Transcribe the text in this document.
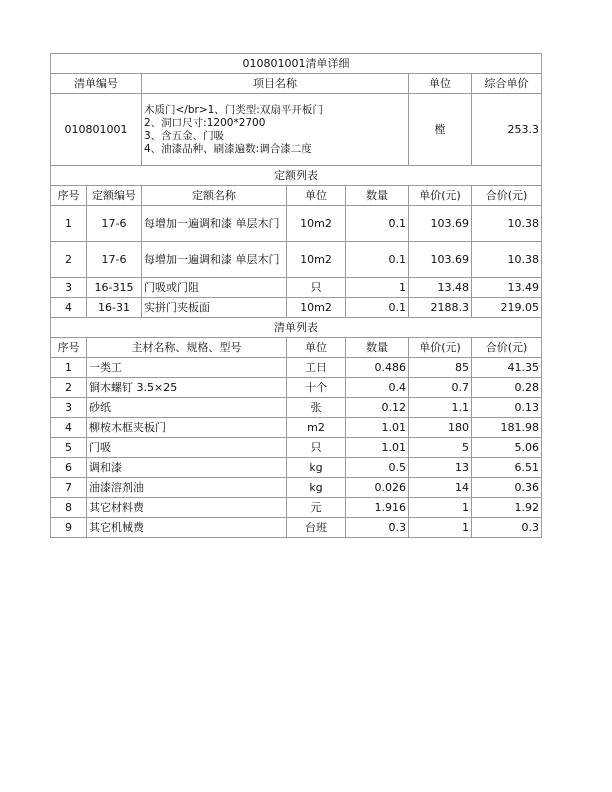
010801001清单详细						
清单编号		项目名称			单位	综合单价
010801001		木质门</br>1、门类型:双扇平开板门
2、洞口尺寸:1200*2700
3、含五金、门吸
4、油漆品种、刷漆遍数:调合漆二度			樘	253.3
定额列表						
序号	定额编号	定额名称	单位	数量	单价(元)	合价(元)
1	17-6	每增加一遍调和漆 单层木门	10m2	0.1	103.69	10.38
2	17-6	每增加一遍调和漆 单层木门	10m2	0.1	103.69	10.38
3	16-315	门吸或门阻	只	1	13.48	13.49
4	16-31	实拼门夹板面	10m2	0.1	2188.3	219.05
清单列表						
序号	主材名称、规格、型号		单位	数量	单价(元)	合价(元)
1	一类工		工日	0.486	85	41.35
2	铜木螺钉 3.5×25		十个	0.4	0.7	0.28
3	砂纸		张	0.12	1.1	0.13
4	柳桉木框夹板门		m2	1.01	180	181.98
5	门吸		只	1.01	5	5.06
6	调和漆		kg	0.5	13	6.51
7	油漆溶剂油		kg	0.026	14	0.36
8	其它材料费		元	1.916	1	1.92
9	其它机械费		台班	0.3	1	0.3
